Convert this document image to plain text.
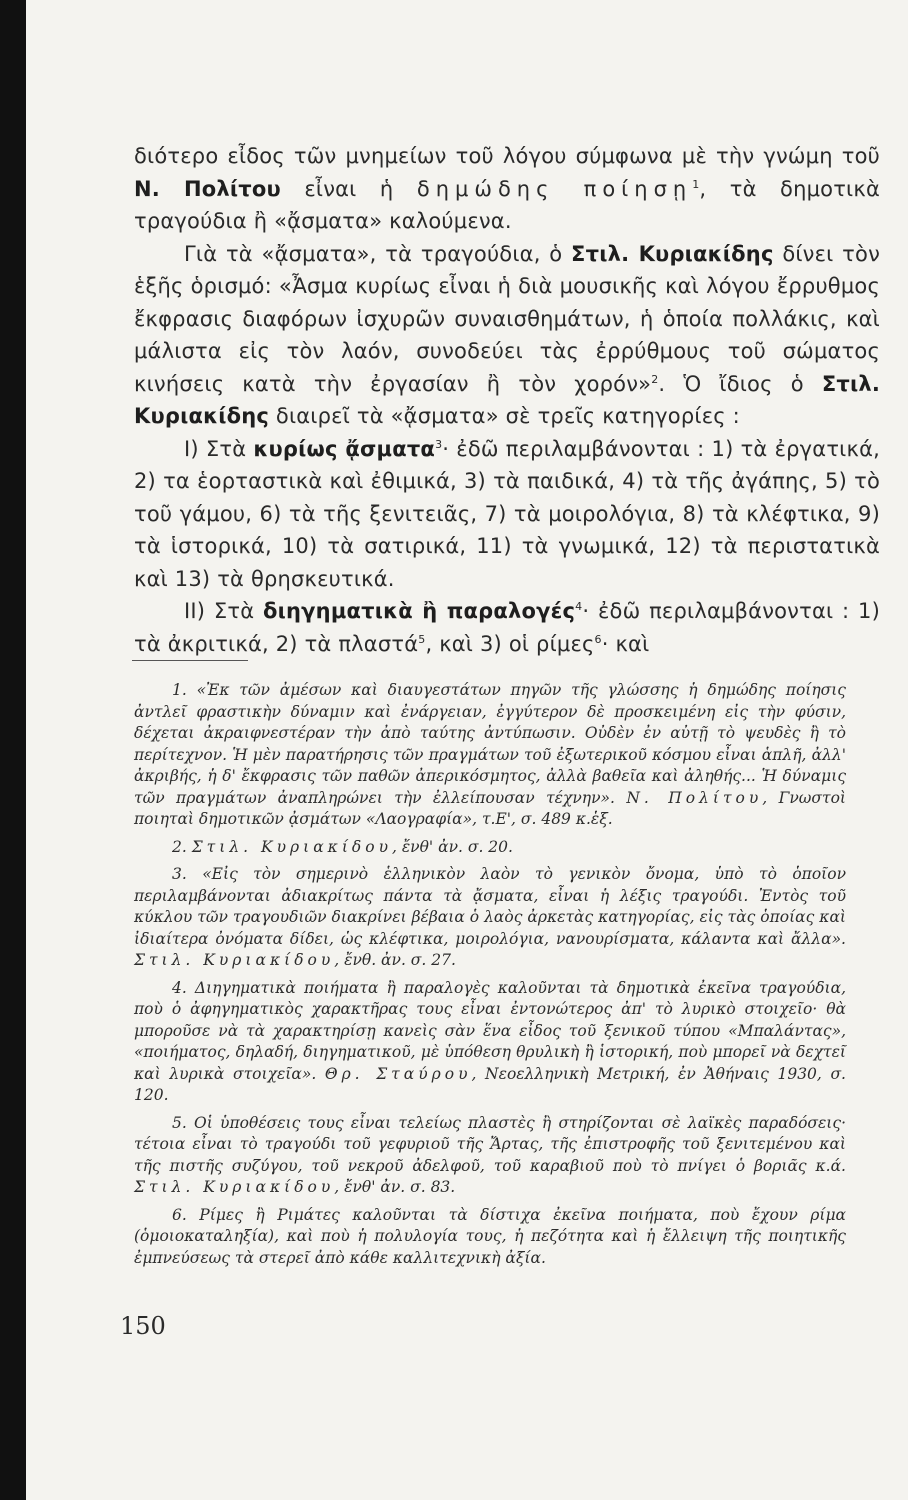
διότερο εἶδος τῶν μνημείων τοῦ λόγου σύμφωνα μὲ τὴν γνώμη τοῦ Ν. Πολίτου εἶναι ἡ δημώδης ποίησῃ$^1$, τὰ δημοτικὰ τραγούδια ἢ «ᾄσματα» καλούμενα.

Γιὰ τὰ «ᾄσματα», τὰ τραγούδια, ὁ Στιλ. Κυριακίδης δίνει τὸν ἑξῆς ὁρισμό: «Ἆσμα κυρίως εἶναι ἡ διὰ μουσικῆς καὶ λόγου ἔρρυθμος ἔκφρασις διαφόρων ἰσχυρῶν συναισθημάτων, ἡ ὁποία πολλάκις, καὶ μάλιστα εἰς τὸν λαόν, συνοδεύει τὰς ἐρρύθμους τοῦ σώματος κινήσεις κατὰ τὴν ἐργασίαν ἢ τὸν χορόν»$^2$. Ὁ ἴδιος ὁ Στιλ. Κυριακίδης διαιρεῖ τὰ «ᾄσματα» σὲ τρεῖς κατηγορίες :

Ι) Στὰ κυρίως ᾄσματα$^3$· ἐδῶ περιλαμβάνονται : 1) τὰ ἐργατικά, 2) τα ἑορταστικὰ καὶ ἐθιμικά, 3) τὰ παιδικά, 4) τὰ τῆς ἀγάπης, 5) τὸ τοῦ γάμου, 6) τὰ τῆς ξενιτειᾶς, 7) τὰ μοιρολόγια, 8) τὰ κλέφτικα, 9) τὰ ἱστορικά, 10) τὰ σατιρικά, 11) τὰ γνωμικά, 12) τὰ περιστατικὰ καὶ 13) τὰ θρησκευτικά.

ΙΙ) Στὰ διηγηματικὰ ἢ παραλογές$^4$· ἐδῶ περιλαμβάνονται : 1) τὰ ἀκριτικά, 2) τὰ πλαστά$^5$, καὶ 3) οἱ ρίμες$^6$· καὶ

1. «Ἐκ τῶν ἀμέσων καὶ διαυγεστάτων πηγῶν τῆς γλώσσης ἡ δημώδης ποίησις ἀντλεῖ φραστικὴν δύναμιν καὶ ἐνάργειαν, ἐγγύτερον δὲ προσκειμένη εἰς τὴν φύσιν, δέχεται ἀκραιφνεστέραν τὴν ἀπὸ ταύτης ἀντύπωσιν. Οὐδὲν ἐν αὐτῇ τὸ ψευδὲς ἢ τὸ περίτεχνον. Ἡ μὲν παρατήρησις τῶν πραγμάτων τοῦ ἐξωτερικοῦ κόσμου εἶναι ἁπλῆ, ἀλλ' ἀκριβής, ἡ δ' ἔκφρασις τῶν παθῶν ἀπερικόσμητος, ἀλλὰ βαθεῖα καὶ ἀληθής... Ἡ δύναμις τῶν πραγμάτων ἀναπληρώνει τὴν ἐλλείπουσαν τέχνην». Ν. Πολίτου, Γνωστοὶ ποιηταὶ δημοτικῶν ᾀσμάτων «Λαογραφία», τ.Ε', σ. 489 κ.ἑξ.

2. Στιλ. Κυριακίδου, ἔνθ' ἀν. σ. 20.

3. «Εἰς τὸν σημερινὸ ἑλληνικὸν λαὸν τὸ γενικὸν ὄνομα, ὑπὸ τὸ ὁποῖον περιλαμβάνονται ἀδιακρίτως πάντα τὰ ᾄσματα, εἶναι ἡ λέξις τραγούδι. Ἐντὸς τοῦ κύκλου τῶν τραγουδιῶν διακρίνει βέβαια ὁ λαὸς ἀρκετὰς κατηγορίας, εἰς τὰς ὁποίας καὶ ἰδιαίτερα ὀνόματα δίδει, ὡς κλέφτικα, μοιρολόγια, νανουρίσματα, κάλαντα καὶ ἄλλα». Στιλ. Κυριακίδου, ἔνθ. ἀν. σ. 27.

4. Διηγηματικὰ ποιήματα ἢ παραλογὲς καλοῦνται τὰ δημοτικὰ ἐκεῖνα τραγούδια, ποὺ ὁ ἀφηγηματικὸς χαρακτῆρας τους εἶναι ἐντονώτερος ἀπ' τὸ λυρικὸ στοιχεῖο· θὰ μποροῦσε νὰ τὰ χαρακτηρίσῃ κανεὶς σὰν ἕνα εἶδος τοῦ ξενικοῦ τύπου «Μπαλάντας», «ποιήματος, δηλαδή, διηγηματικοῦ, μὲ ὑπόθεση θρυλικὴ ἢ ἱστορική, ποὺ μπορεῖ νὰ δεχτεῖ καὶ λυρικὰ στοιχεῖα». Θρ. Σταύρου, Νεοελληνικὴ Μετρική, ἐν Ἀθήναις 1930, σ. 120.

5. Οἱ ὑποθέσεις τους εἶναι τελείως πλαστὲς ἢ στηρίζονται σὲ λαϊκὲς παραδόσεις· τέτοια εἶναι τὸ τραγούδι τοῦ γεφυριοῦ τῆς Ἄρτας, τῆς ἐπιστροφῆς τοῦ ξενιτεμένου καὶ τῆς πιστῆς συζύγου, τοῦ νεκροῦ ἀδελφοῦ, τοῦ καραβιοῦ ποὺ τὸ πνίγει ὁ βοριᾶς κ.ά. Στιλ. Κυριακίδου, ἔνθ' ἀν. σ. 83.

6. Ρίμες ἢ Ριμάτες καλοῦνται τὰ δίστιχα ἐκεῖνα ποιήματα, ποὺ ἔχουν ρίμα (ὁμοιοκαταληξία), καὶ ποὺ ἡ πολυλογία τους, ἡ πεζότητα καὶ ἡ ἔλλειψη τῆς ποιητικῆς ἐμπνεύσεως τὰ στερεῖ ἀπὸ κάθε καλλιτεχνικὴ ἀξία.

150
